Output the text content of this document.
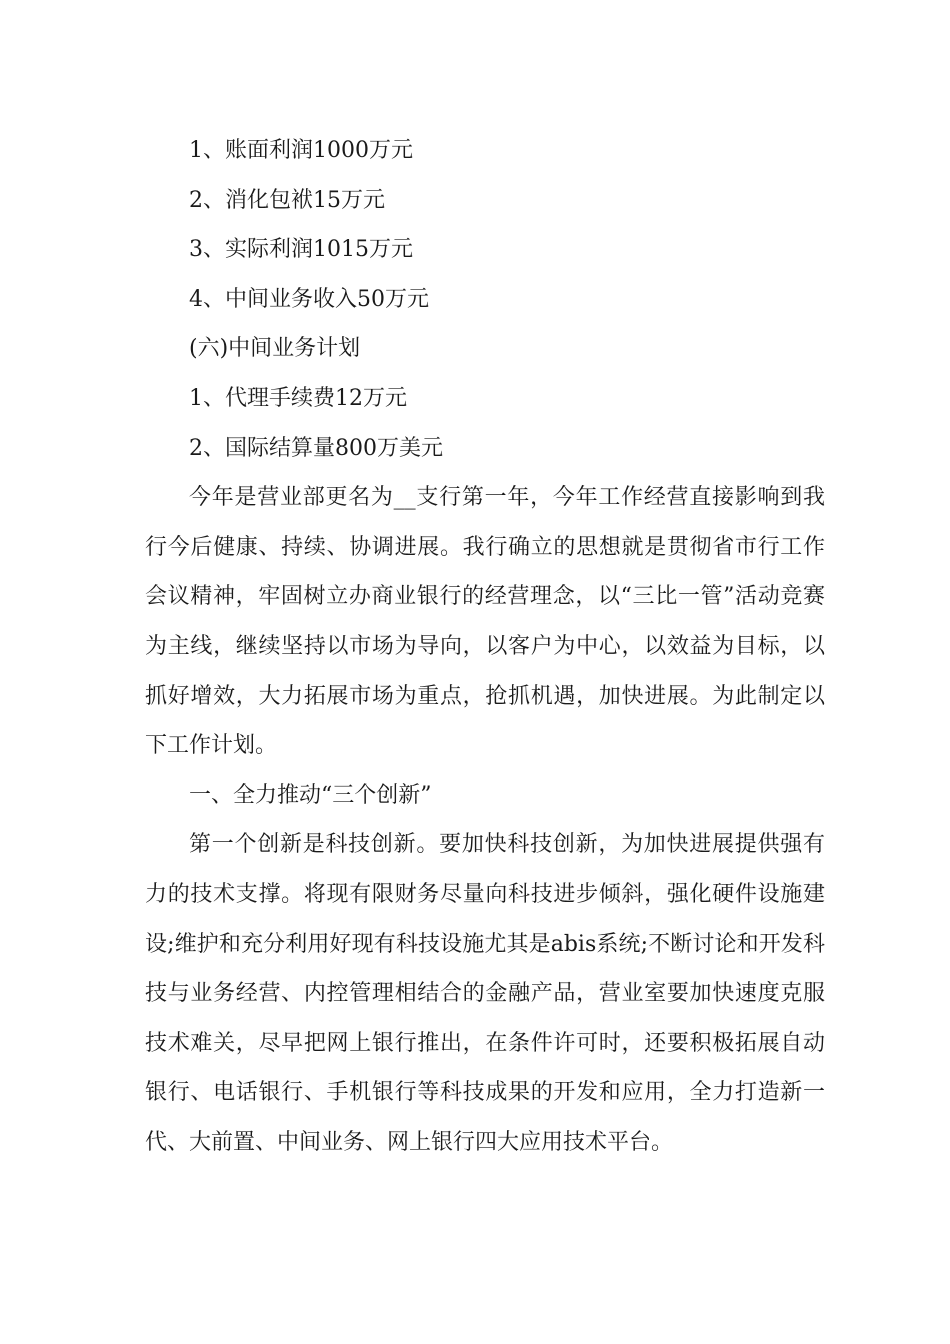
1、账面利润1000万元

2、消化包袱15万元

3、实际利润1015万元

4、中间业务收入50万元

(六)中间业务计划

1、代理手续费12万元

2、国际结算量800万美元

今年是营业部更名为__支行第一年，今年工作经营直接影响到我行今后健康、持续、协调进展。我行确立的思想就是贯彻省市行工作会议精神，牢固树立办商业银行的经营理念，以“三比一管”活动竞赛为主线，继续坚持以市场为导向，以客户为中心，以效益为目标，以抓好增效，大力拓展市场为重点，抢抓机遇，加快进展。为此制定以下工作计划。

一、全力推动“三个创新”

第一个创新是科技创新。要加快科技创新，为加快进展提供强有力的技术支撑。将现有限财务尽量向科技进步倾斜，强化硬件设施建设;维护和充分利用好现有科技设施尤其是abis系统;不断讨论和开发科技与业务经营、内控管理相结合的金融产品，营业室要加快速度克服技术难关，尽早把网上银行推出，在条件许可时，还要积极拓展自动银行、电话银行、手机银行等科技成果的开发和应用，全力打造新一代、大前置、中间业务、网上银行四大应用技术平台。
